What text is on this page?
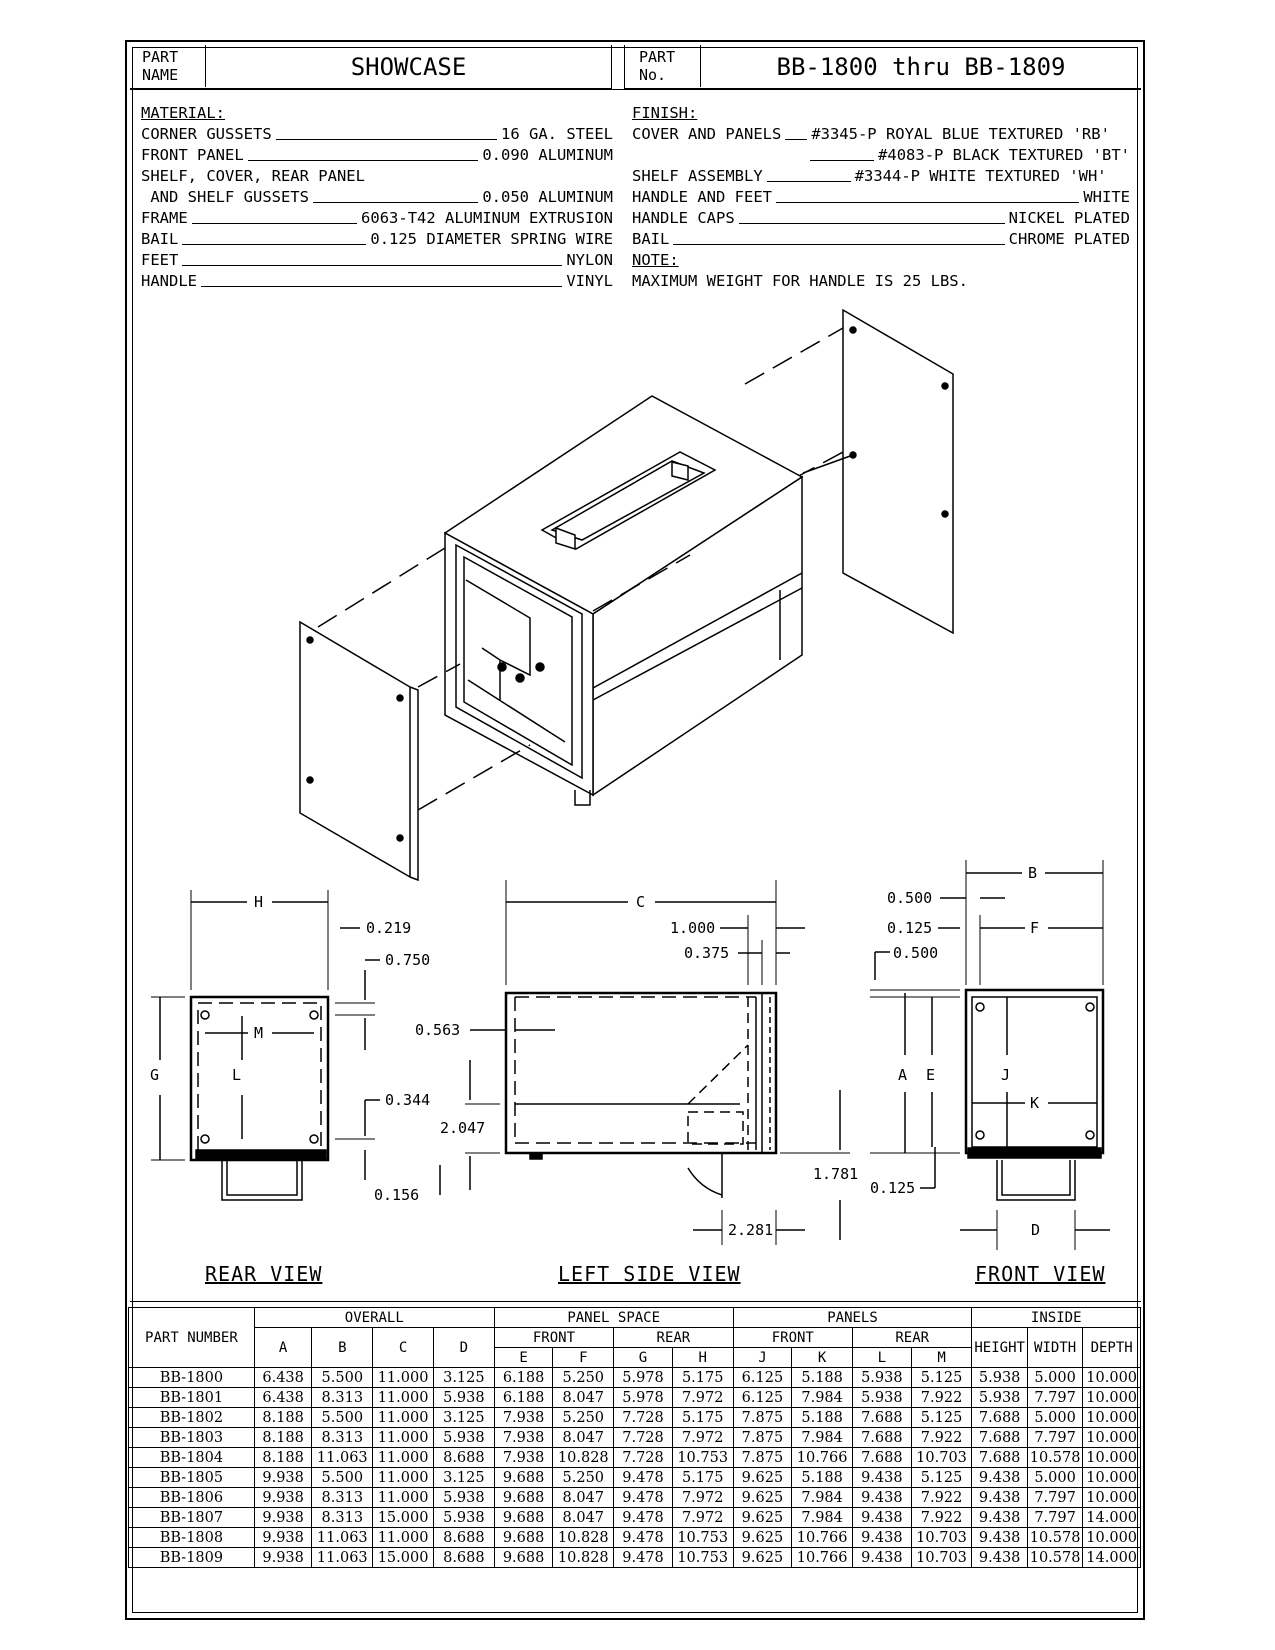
PART NAME	SHOWCASE	PART No.	BB-1800 thru BB-1809
MATERIAL:
CORNER GUSSETS	16 GA. STEEL
FRONT PANEL	0.090 ALUMINUM
SHELF, COVER, REAR PANEL
AND SHELF GUSSETS	0.050 ALUMINUM
FRAME	6063-T42 ALUMINUM EXTRUSION
BAIL	0.125 DIAMETER SPRING WIRE
FEET	NYLON
HANDLE	VINYL
FINISH:
COVER AND PANELS #3345-P ROYAL BLUE TEXTURED 'RB'
#4083-P BLACK TEXTURED 'BT'
SHELF ASSEMBLY	#3344-P WHITE TEXTURED 'WH'
HANDLE AND FEET	WHITE
HANDLE CAPS	NICKEL PLATED
BAIL	CHROME PLATED
NOTE:
MAXIMUM WEIGHT FOR HANDLE IS 25 LBS.
H
0.219
0.750
M
G	L
0.344
0.156
C
1.000
0.375
0.563
2.047
1.781
2.281
B
0.500
0.125	F
0.500
A E	J
K
0.125
D
REAR VIEW	LEFT SIDE VIEW	FRONT VIEW
PART NUMBER	OVERALL				PANEL SPACE				PANELS				INSIDE		
	A	B	C	D	FRONT		REAR		FRONT		REAR		HEIGHT	WIDTH	DEPTH
					E	F	G	H	J	K	L	M			
BB-1800	6.438	5.500	11.000	3.125	6.188	5.250	5.978	5.175	6.125	5.188	5.938	5.125	5.938	5.000	10.000
BB-1801	6.438	8.313	11.000	5.938	6.188	8.047	5.978	7.972	6.125	7.984	5.938	7.922	5.938	7.797	10.000
BB-1802	8.188	5.500	11.000	3.125	7.938	5.250	7.728	5.175	7.875	5.188	7.688	5.125	7.688	5.000	10.000
BB-1803	8.188	8.313	11.000	5.938	7.938	8.047	7.728	7.972	7.875	7.984	7.688	7.922	7.688	7.797	10.000
BB-1804	8.188	11.063	11.000	8.688	7.938	10.828	7.728	10.753	7.875	10.766	7.688	10.703	7.688	10.578	10.000
BB-1805	9.938	5.500	11.000	3.125	9.688	5.250	9.478	5.175	9.625	5.188	9.438	5.125	9.438	5.000	10.000
BB-1806	9.938	8.313	11.000	5.938	9.688	8.047	9.478	7.972	9.625	7.984	9.438	7.922	9.438	7.797	10.000
BB-1807	9.938	8.313	15.000	5.938	9.688	8.047	9.478	7.972	9.625	7.984	9.438	7.922	9.438	7.797	14.000
BB-1808	9.938	11.063	11.000	8.688	9.688	10.828	9.478	10.753	9.625	10.766	9.438	10.703	9.438	10.578	10.000
BB-1809	9.938	11.063	15.000	8.688	9.688	10.828	9.478	10.753	9.625	10.766	9.438	10.703	9.438	10.578	14.000
